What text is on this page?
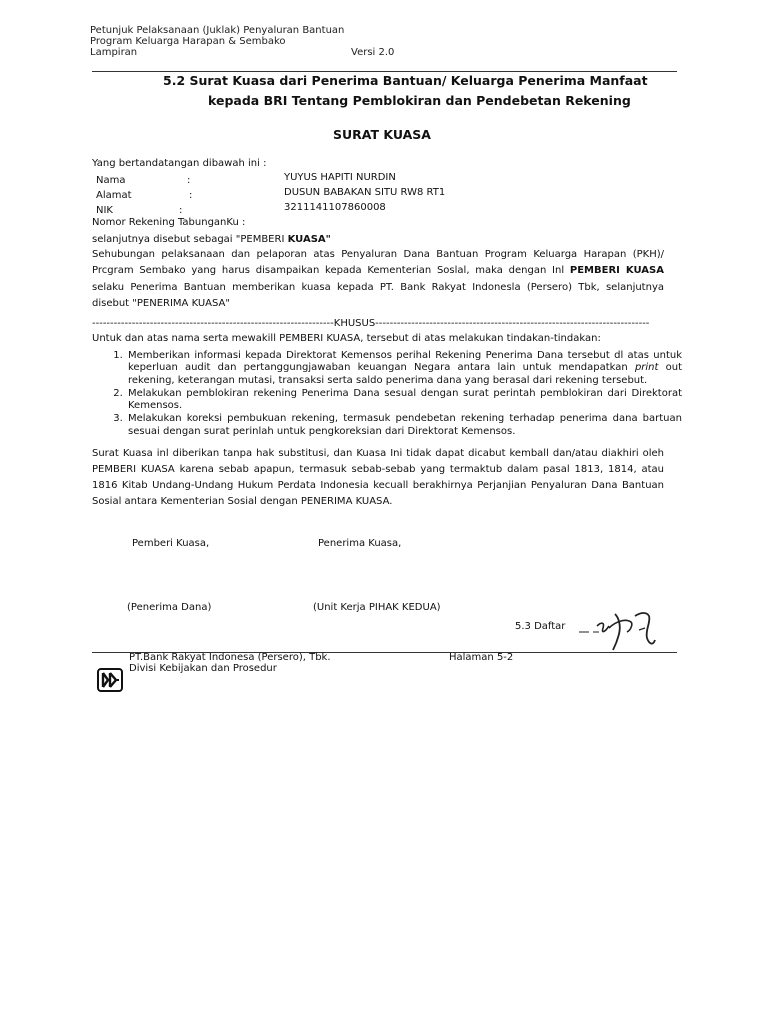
Petunjuk Pelaksanaan (Juklak) Penyaluran Bantuan
Program Keluarga Harapan & Sembako
Lampiran	Versi 2.0
5.2 Surat Kuasa dari Penerima Bantuan/ Keluarga Penerima Manfaat
kepada BRI Tentang Pemblokiran dan Pendebetan Rekening
SURAT KUASA
Yang bertandatangan dibawah ini :
Nama	:	YUYUS HAPITI NURDIN
Alamat	:	DUSUN BABAKAN SITU RW8 RT1
NIK	:	3211141107860008
Nomor Rekening TabunganKu :
selanjutnya disebut sebagai "PEMBERI KUASA"
Sehubungan pelaksanaan dan pelaporan atas Penyaluran Dana Bantuan Program Keluarga Harapan (PKH)/ Prcgram Sembako yang harus disampaikan kepada Kementerian Soslal, maka dengan Inl PEMBERI KUASA selaku Penerima Bantuan memberikan kuasa kepada PT. Bank Rakyat Indonesla (Persero) Tbk, selanjutnya disebut "PENERIMA KUASA"
-------------------------------------------------------------------KHUSUS----------------------------------------------------------------------------
Untuk dan atas nama serta mewakill PEMBERI KUASA, tersebut di atas melakukan tindakan-tindakan:
1. Memberikan informasi kepada Direktorat Kemensos perihal Rekening Penerima Dana tersebut dl atas untuk keperluan audit dan pertanggungjawaban keuangan Negara antara lain untuk mendapatkan print out rekening, keterangan mutasi, transaksi serta saldo penerima dana yang berasal dari rekening tersebut.
2. Melakukan pemblokiran rekening Penerima Dana sesual dengan surat perintah pemblokiran dari Direktorat Kemensos.
3. Melakukan koreksi pembukuan rekening, termasuk pendebetan rekening terhadap penerima dana bartuan sesuai dengan surat perinlah untuk pengkoreksian dari Direktorat Kemensos.
Surat Kuasa inl diberikan tanpa hak substitusi, dan Kuasa Ini tidak dapat dicabut kemball dan/atau diakhiri oleh PEMBERI KUASA karena sebab apapun, termasuk sebab-sebab yang termaktub dalam pasal 1813, 1814, atau 1816 Kitab Undang-Undang Hukum Perdata Indonesia kecuall berakhirnya Perjanjian Penyaluran Dana Bantuan Sosial antara Kementerian Sosial dengan PENERIMA KUASA.
Pemberi Kuasa,	Penerima Kuasa,
(Penerima Dana)	(Unit Kerja PIHAK KEDUA)
5.3 Daftar
PT.Bank Rakyat Indonesa (Persero), Tbk.	Halaman 5-2
Divisi Kebijakan dan Prosedur
